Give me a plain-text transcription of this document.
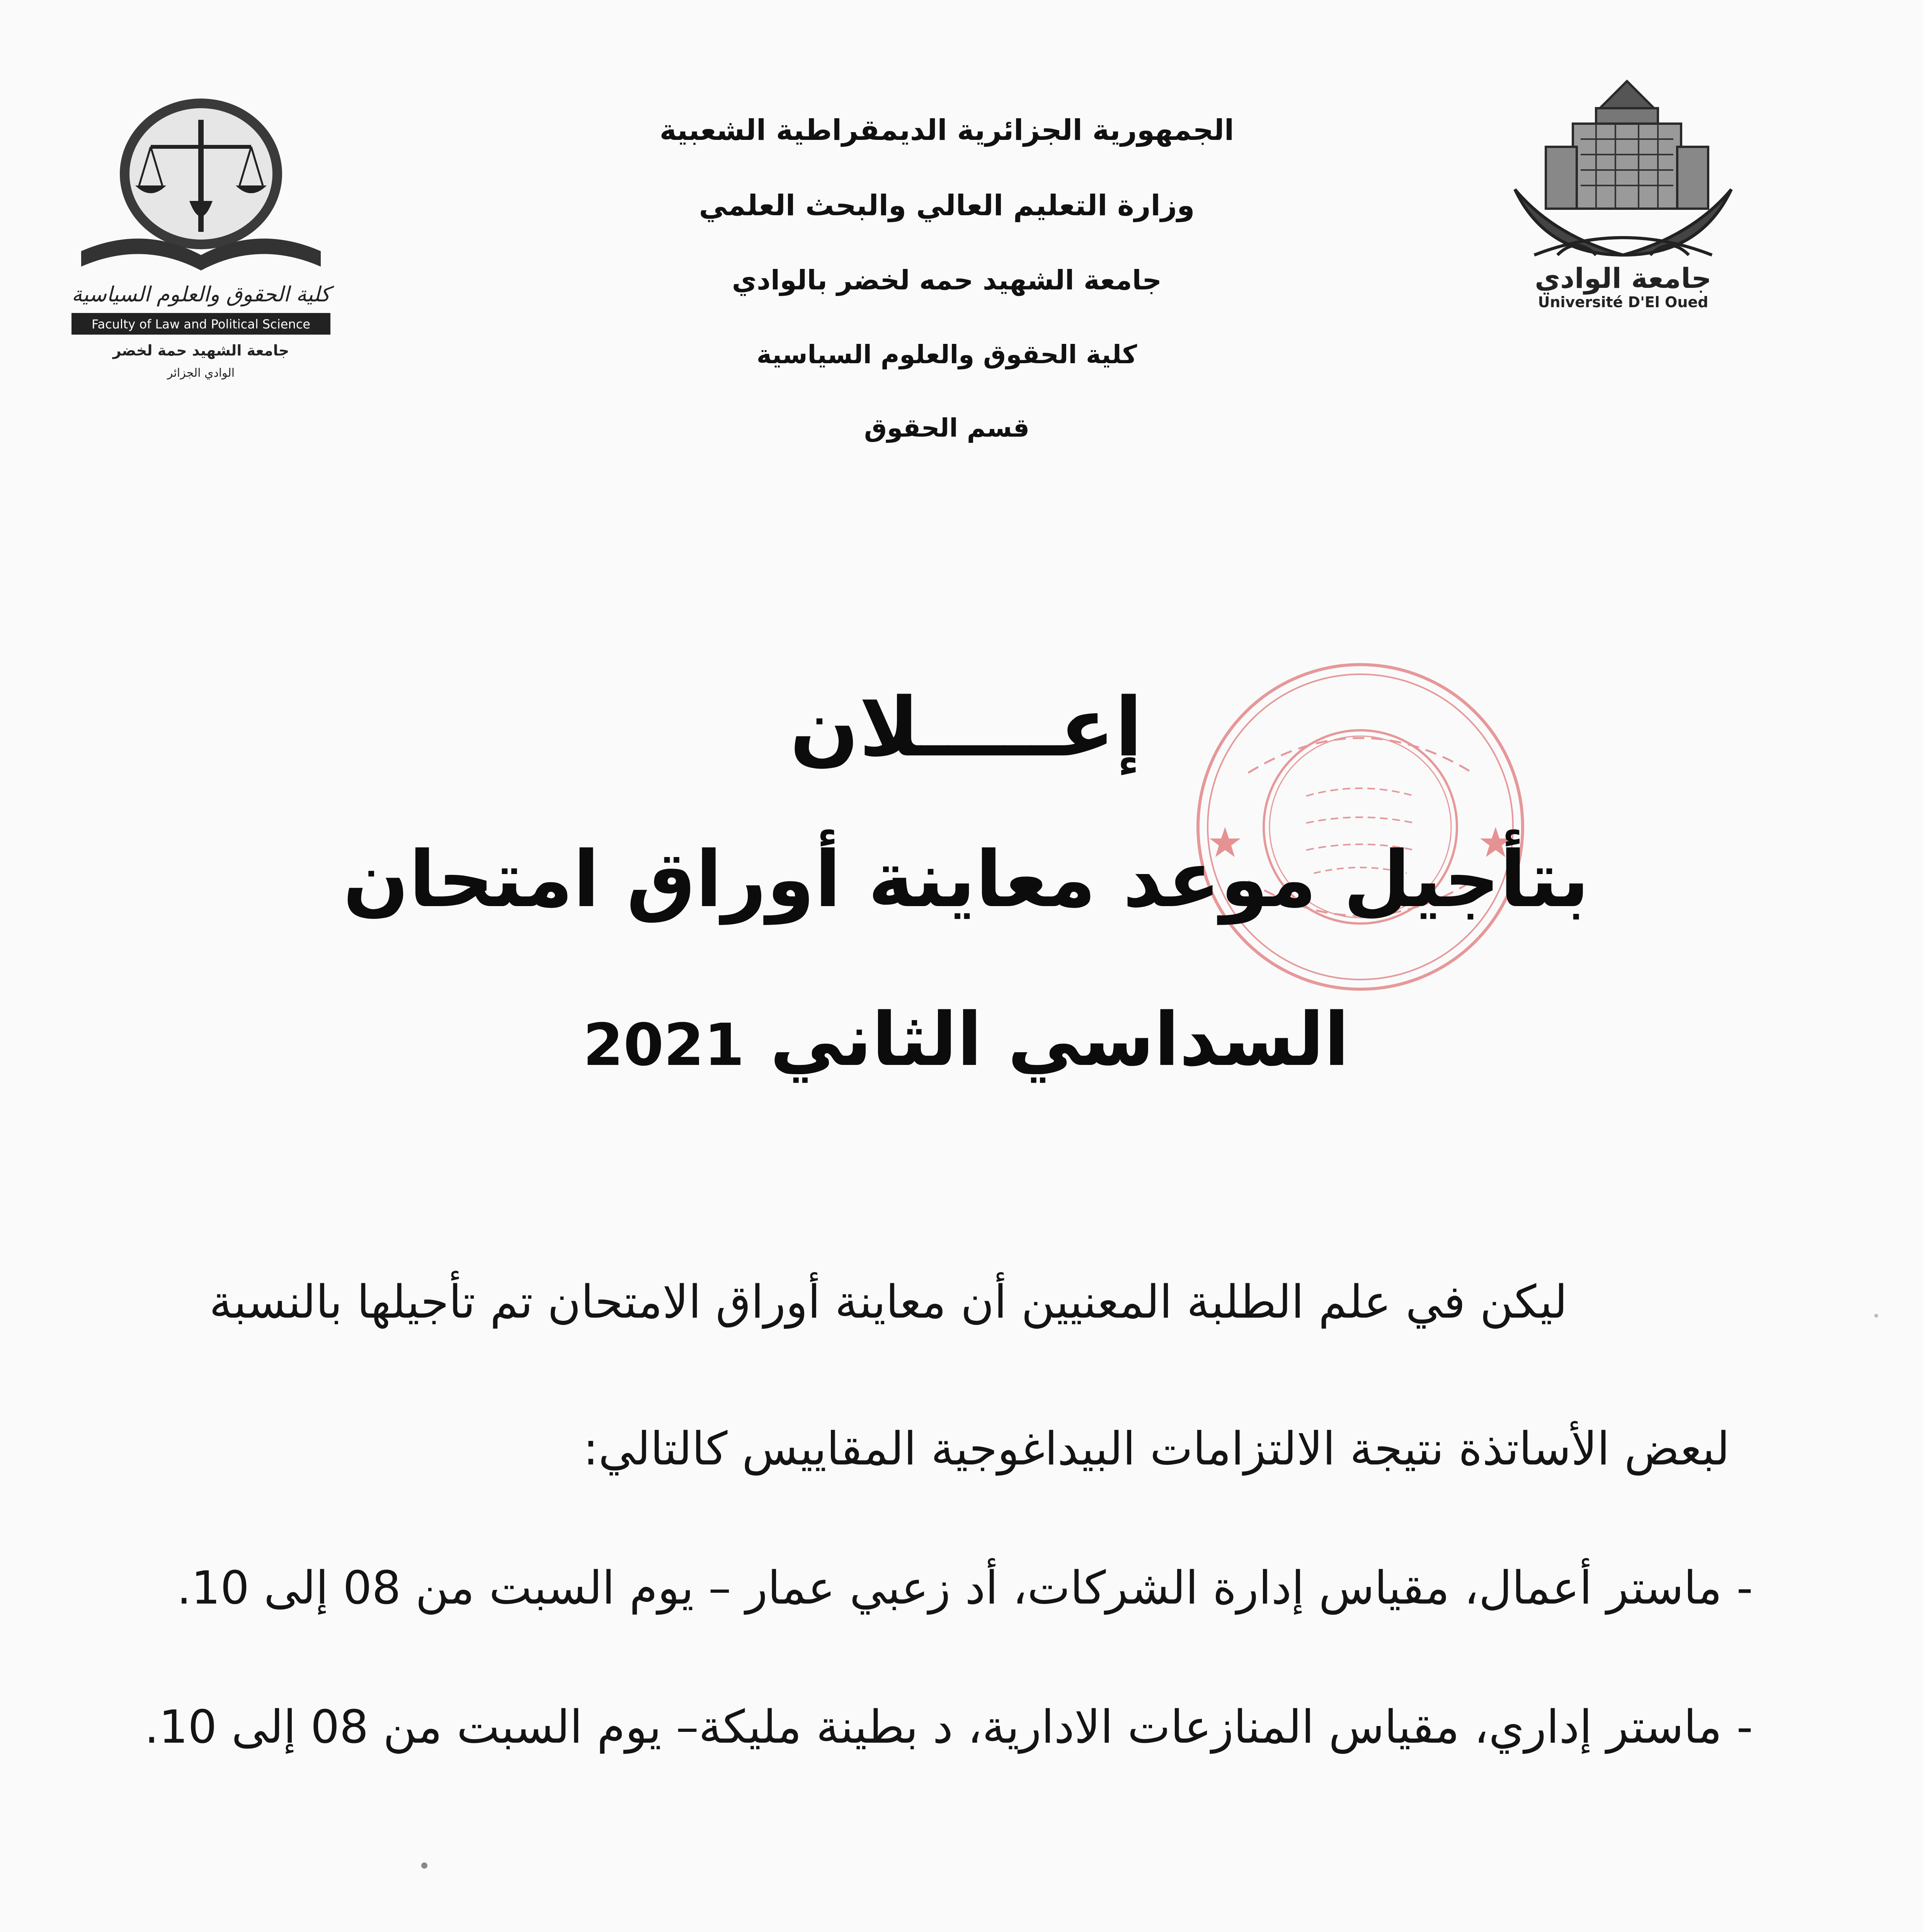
جامعة الوادي
Université D'El Oued
كلية الحقوق والعلوم السياسية
Faculty of Law and Political Science
جامعة الشهيد حمة لخضر
الوادي الجزائر
الجمهورية الجزائرية الديمقراطية الشعبية
وزارة التعليم العالي والبحث العلمي
جامعة الشهيد حمه لخضر بالوادي
كلية الحقوق والعلوم السياسية
قسم الحقوق
إعـــــلان
بتأجيل موعد معاينة أوراق امتحان
السداسي الثاني 2021
ليكن في علم الطلبة المعنيين أن معاينة أوراق الامتحان تم تأجيلها بالنسبة
لبعض الأساتذة نتيجة الالتزامات البيداغوجية المقاييس كالتالي:
- ماستر أعمال، مقياس إدارة الشركات، أد زعبي عمار – يوم السبت من 08 إلى 10.
- ماستر إداري، مقياس المنازعات الادارية، د بطينة مليكة– يوم السبت من 08 إلى 10.
